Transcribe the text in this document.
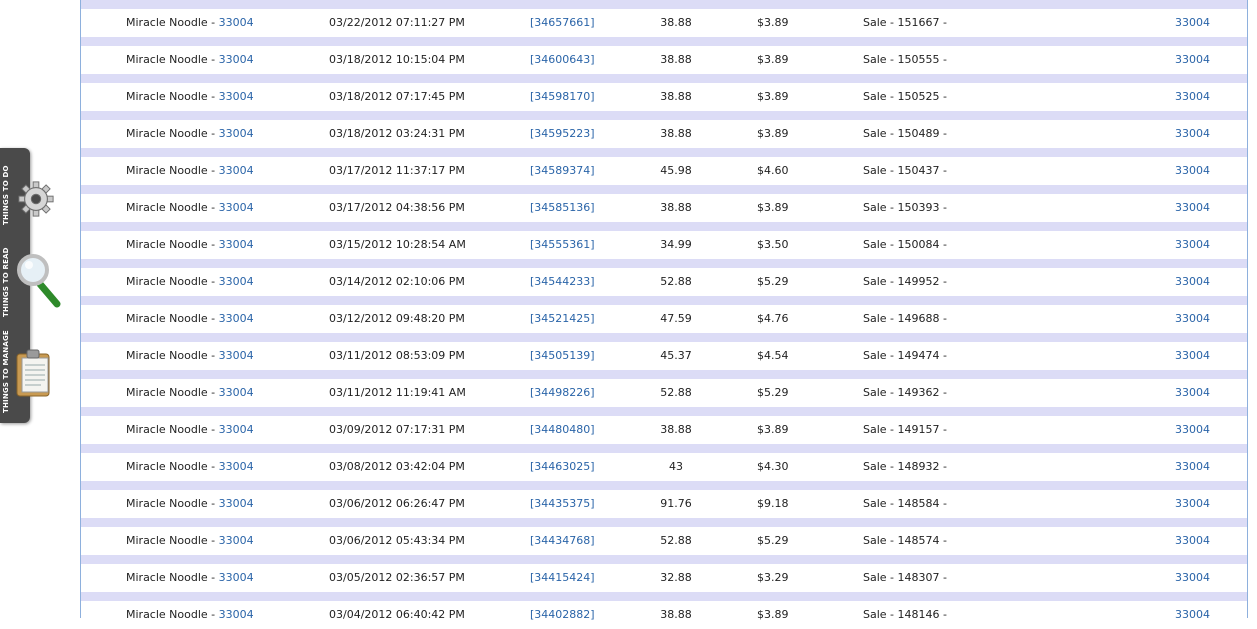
THINGS TO DO
THINGS TO READ
THINGS TO MANAGE
Miracle Noodle - 33004	03/22/2012 07:11:27 PM	[34657661]	38.88	$3.89	Sale - 151667 -	33004
Miracle Noodle - 33004	03/18/2012 10:15:04 PM	[34600643]	38.88	$3.89	Sale - 150555 -	33004
Miracle Noodle - 33004	03/18/2012 07:17:45 PM	[34598170]	38.88	$3.89	Sale - 150525 -	33004
Miracle Noodle - 33004	03/18/2012 03:24:31 PM	[34595223]	38.88	$3.89	Sale - 150489 -	33004
Miracle Noodle - 33004	03/17/2012 11:37:17 PM	[34589374]	45.98	$4.60	Sale - 150437 -	33004
Miracle Noodle - 33004	03/17/2012 04:38:56 PM	[34585136]	38.88	$3.89	Sale - 150393 -	33004
Miracle Noodle - 33004	03/15/2012 10:28:54 AM	[34555361]	34.99	$3.50	Sale - 150084 -	33004
Miracle Noodle - 33004	03/14/2012 02:10:06 PM	[34544233]	52.88	$5.29	Sale - 149952 -	33004
Miracle Noodle - 33004	03/12/2012 09:48:20 PM	[34521425]	47.59	$4.76	Sale - 149688 -	33004
Miracle Noodle - 33004	03/11/2012 08:53:09 PM	[34505139]	45.37	$4.54	Sale - 149474 -	33004
Miracle Noodle - 33004	03/11/2012 11:19:41 AM	[34498226]	52.88	$5.29	Sale - 149362 -	33004
Miracle Noodle - 33004	03/09/2012 07:17:31 PM	[34480480]	38.88	$3.89	Sale - 149157 -	33004
Miracle Noodle - 33004	03/08/2012 03:42:04 PM	[34463025]	43	$4.30	Sale - 148932 -	33004
Miracle Noodle - 33004	03/06/2012 06:26:47 PM	[34435375]	91.76	$9.18	Sale - 148584 -	33004
Miracle Noodle - 33004	03/06/2012 05:43:34 PM	[34434768]	52.88	$5.29	Sale - 148574 -	33004
Miracle Noodle - 33004	03/05/2012 02:36:57 PM	[34415424]	32.88	$3.29	Sale - 148307 -	33004
Miracle Noodle - 33004	03/04/2012 06:40:42 PM	[34402882]	38.88	$3.89	Sale - 148146 -	33004
